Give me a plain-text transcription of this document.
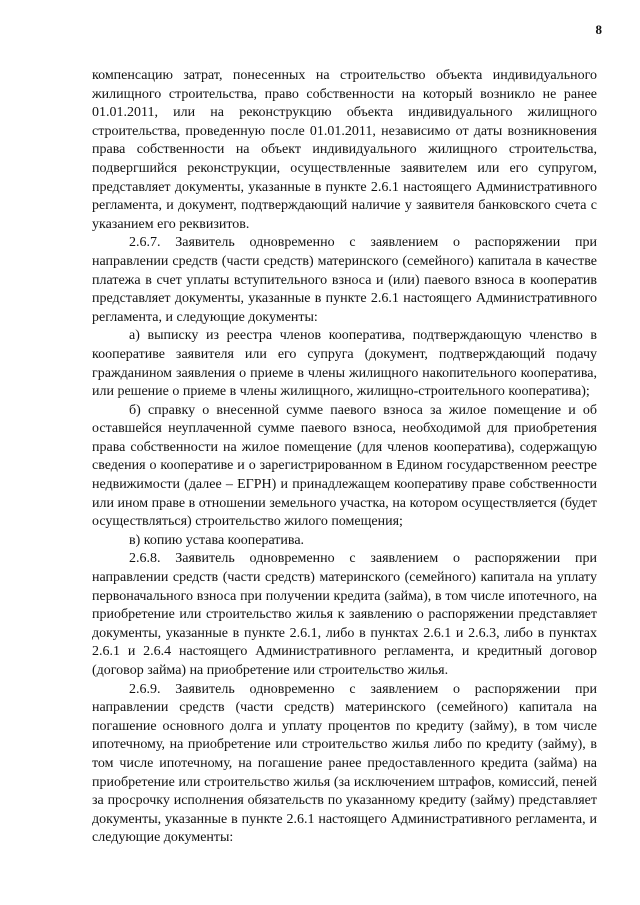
8

компенсацию затрат, понесенных на строительство объекта индивидуального жилищного строительства, право собственности на который возникло не ранее 01.01.2011, или на реконструкцию объекта индивидуального жилищного строительства, проведенную после 01.01.2011, независимо от даты возникновения права собственности на объект индивидуального жилищного строительства, подвергшийся реконструкции, осуществленные заявителем или его супругом, представляет документы, указанные в пункте 2.6.1 настоящего Административного регламента, и документ, подтверждающий наличие у заявителя банковского счета с указанием его реквизитов.

2.6.7. Заявитель одновременно с заявлением о распоряжении при направлении средств (части средств) материнского (семейного) капитала в качестве платежа в счет уплаты вступительного взноса и (или) паевого взноса в кооператив представляет документы, указанные в пункте 2.6.1 настоящего Административного регламента, и следующие документы:

а) выписку из реестра членов кооператива, подтверждающую членство в кооперативе заявителя или его супруга (документ, подтверждающий подачу гражданином заявления о приеме в члены жилищного накопительного кооператива, или решение о приеме в члены жилищного, жилищно-строительного кооператива);

б) справку о внесенной сумме паевого взноса за жилое помещение и об оставшейся неуплаченной сумме паевого взноса, необходимой для приобретения права собственности на жилое помещение (для членов кооператива), содержащую сведения о кооперативе и о зарегистрированном в Едином государственном реестре недвижимости (далее – ЕГРН) и принадлежащем кооперативу праве собственности или ином праве в отношении земельного участка, на котором осуществляется (будет осуществляться) строительство жилого помещения;

в) копию устава кооператива.

2.6.8. Заявитель одновременно с заявлением о распоряжении при направлении средств (части средств) материнского (семейного) капитала на уплату первоначального взноса при получении кредита (займа), в том числе ипотечного, на приобретение или строительство жилья к заявлению о распоряжении представляет документы, указанные в пункте 2.6.1, либо в пунктах 2.6.1 и 2.6.3, либо в пунктах 2.6.1 и 2.6.4 настоящего Административного регламента, и кредитный договор (договор займа) на приобретение или строительство жилья.

2.6.9. Заявитель одновременно с заявлением о распоряжении при направлении средств (части средств) материнского (семейного) капитала на погашение основного долга и уплату процентов по кредиту (займу), в том числе ипотечному, на приобретение или строительство жилья либо по кредиту (займу), в том числе ипотечному, на погашение ранее предоставленного кредита (займа) на приобретение или строительство жилья (за исключением штрафов, комиссий, пеней за просрочку исполнения обязательств по указанному кредиту (займу) представляет документы, указанные в пункте 2.6.1 настоящего Административного регламента, и следующие документы:
